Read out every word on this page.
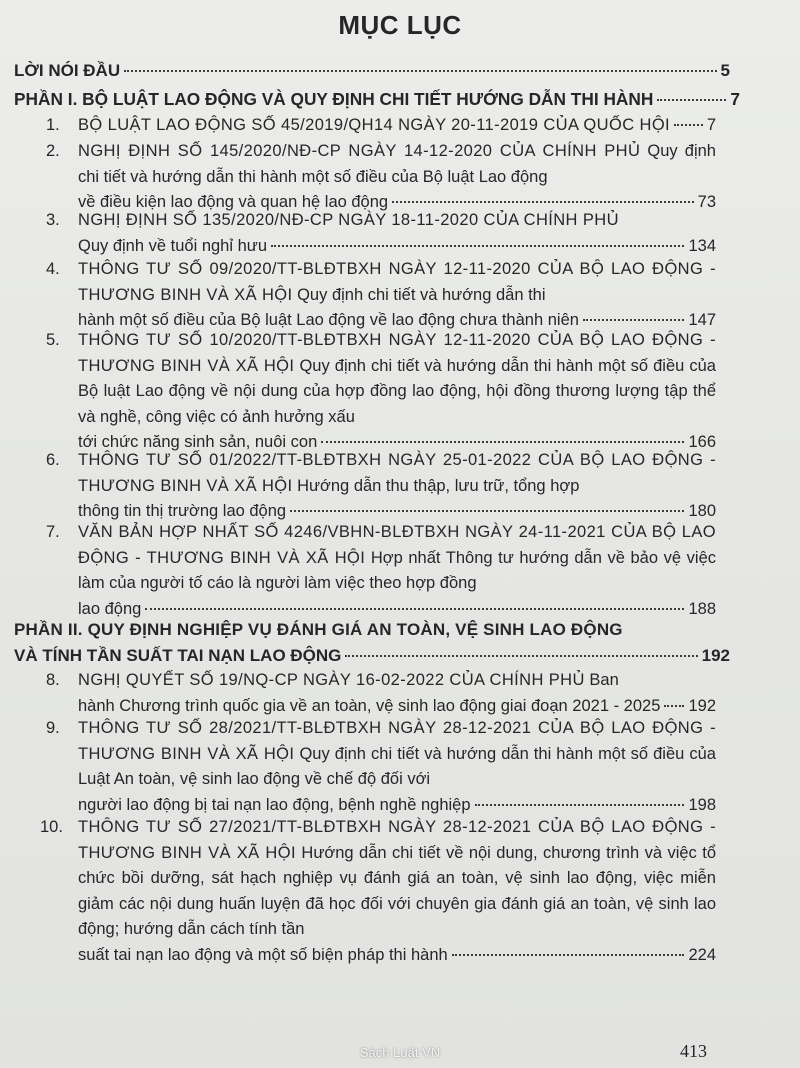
MỤC LỤC
LỜI NÓI ĐẦU	5
PHẦN I. BỘ LUẬT LAO ĐỘNG VÀ QUY ĐỊNH CHI TIẾT HƯỚNG DẪN THI HÀNH	7
1. BỘ LUẬT LAO ĐỘNG SỐ 45/2019/QH14 NGÀY 20-11-2019 CỦA QUỐC HỘI 7
2. NGHỊ ĐỊNH SỐ 145/2020/NĐ-CP NGÀY 14-12-2020 CỦA CHÍNH PHỦ Quy định chi tiết và hướng dẫn thi hành một số điều của Bộ luật Lao động
về điều kiện lao động và quan hệ lao động	73
3. NGHỊ ĐỊNH SỐ 135/2020/NĐ-CP NGÀY 18-11-2020 CỦA CHÍNH PHỦ
Quy định về tuổi nghỉ hưu	134
4. THÔNG TƯ SỐ 09/2020/TT-BLĐTBXH NGÀY 12-11-2020 CỦA BỘ LAO ĐỘNG - THƯƠNG BINH VÀ XÃ HỘI Quy định chi tiết và hướng dẫn thi
hành một số điều của Bộ luật Lao động về lao động chưa thành niên	147
5. THÔNG TƯ SỐ 10/2020/TT-BLĐTBXH NGÀY 12-11-2020 CỦA BỘ LAO ĐỘNG - THƯƠNG BINH VÀ XÃ HỘI Quy định chi tiết và hướng dẫn thi hành một số điều của Bộ luật Lao động về nội dung của hợp đồng lao động, hội đồng thương lượng tập thể và nghề, công việc có ảnh hưởng xấu
tới chức năng sinh sản, nuôi con	166
6. THÔNG TƯ SỐ 01/2022/TT-BLĐTBXH NGÀY 25-01-2022 CỦA BỘ LAO ĐỘNG - THƯƠNG BINH VÀ XÃ HỘI Hướng dẫn thu thập, lưu trữ, tổng hợp
thông tin thị trường lao động	180
7. VĂN BẢN HỢP NHẤT SỐ 4246/VBHN-BLĐTBXH NGÀY 24-11-2021 CỦA BỘ LAO ĐỘNG - THƯƠNG BINH VÀ XÃ HỘI Hợp nhất Thông tư hướng dẫn về bảo vệ việc làm của người tố cáo là người làm việc theo hợp đồng
lao động	188
PHẦN II. QUY ĐỊNH NGHIỆP VỤ ĐÁNH GIÁ AN TOÀN, VỆ SINH LAO ĐỘNG
VÀ TÍNH TẦN SUẤT TAI NẠN LAO ĐỘNG	192
8. NGHỊ QUYẾT SỐ 19/NQ-CP NGÀY 16-02-2022 CỦA CHÍNH PHỦ Ban
hành Chương trình quốc gia về an toàn, vệ sinh lao động giai đoạn 2021 - 2025 192
9. THÔNG TƯ SỐ 28/2021/TT-BLĐTBXH NGÀY 28-12-2021 CỦA BỘ LAO ĐỘNG - THƯƠNG BINH VÀ XÃ HỘI Quy định chi tiết và hướng dẫn thi hành một số điều của Luật An toàn, vệ sinh lao động về chế độ đối với
người lao động bị tai nạn lao động, bệnh nghề nghiệp	198
10. THÔNG TƯ SỐ 27/2021/TT-BLĐTBXH NGÀY 28-12-2021 CỦA BỘ LAO ĐỘNG - THƯƠNG BINH VÀ XÃ HỘI Hướng dẫn chi tiết về nội dung, chương trình và việc tổ chức bồi dưỡng, sát hạch nghiệp vụ đánh giá an toàn, vệ sinh lao động, việc miễn giảm các nội dung huấn luyện đã học đối với chuyên gia đánh giá an toàn, vệ sinh lao động; hướng dẫn cách tính tần
suất tai nạn lao động và một số biện pháp thi hành	224
Sách Luật VN	413
